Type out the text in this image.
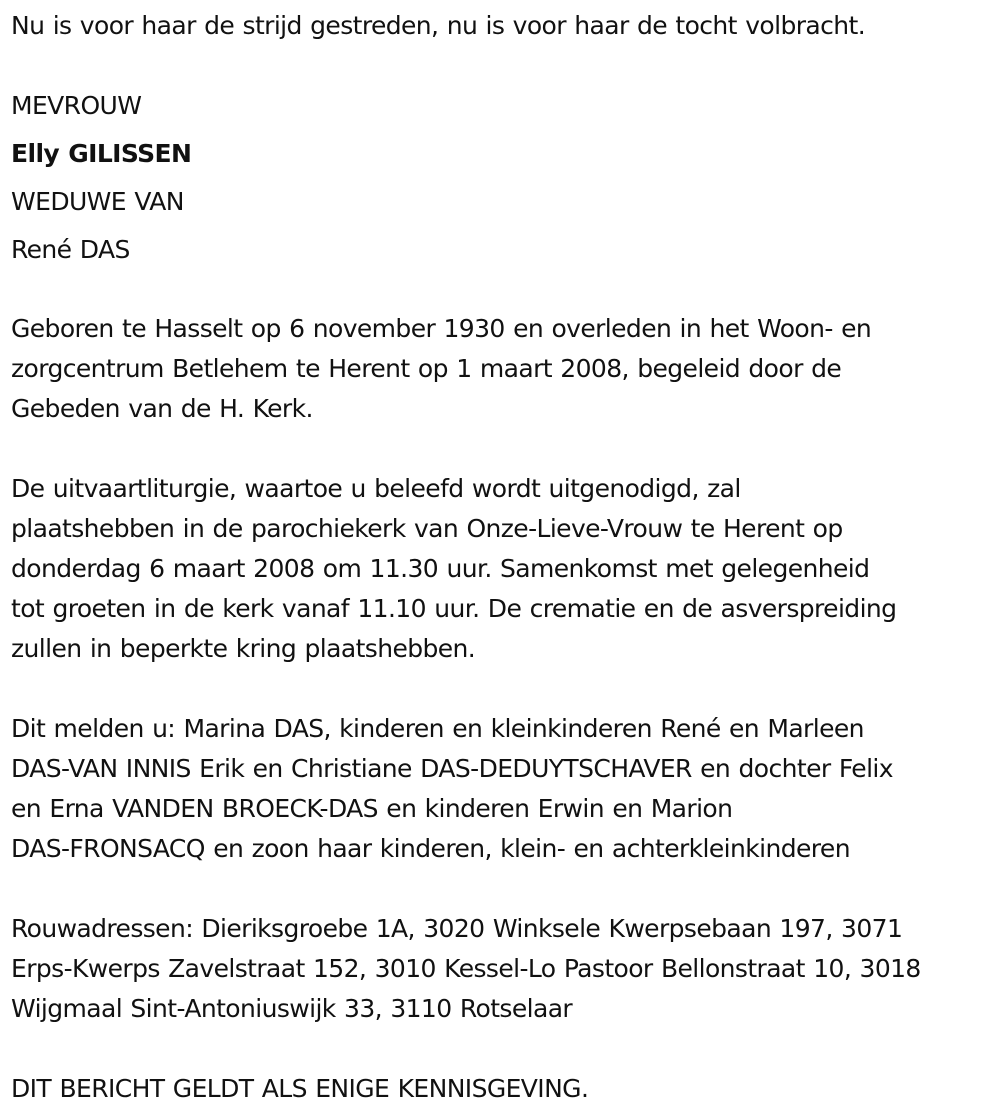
Nu is voor haar de strijd gestreden, nu is voor haar de tocht volbracht.
MEVROUW
Elly GILISSEN
WEDUWE VAN
René DAS
Geboren te Hasselt op 6 november 1930 en overleden in het Woon- en
zorgcentrum Betlehem te Herent op 1 maart 2008, begeleid door de
Gebeden van de H. Kerk.
De uitvaartliturgie, waartoe u beleefd wordt uitgenodigd, zal
plaatshebben in de parochiekerk van Onze-Lieve-Vrouw te Herent op
donderdag 6 maart 2008 om 11.30 uur. Samenkomst met gelegenheid
tot groeten in de kerk vanaf 11.10 uur. De crematie en de asverspreiding
zullen in beperkte kring plaatshebben.
Dit melden u: Marina DAS, kinderen en kleinkinderen René en Marleen
DAS-VAN INNIS Erik en Christiane DAS-DEDUYTSCHAVER en dochter Felix
en Erna VANDEN BROECK-DAS en kinderen Erwin en Marion
DAS-FRONSACQ en zoon haar kinderen, klein- en achterkleinkinderen
Rouwadressen: Dieriksgroebe 1A, 3020 Winksele Kwerpsebaan 197, 3071
Erps-Kwerps Zavelstraat 152, 3010 Kessel-Lo Pastoor Bellonstraat 10, 3018
Wijgmaal Sint-Antoniuswijk 33, 3110 Rotselaar
DIT BERICHT GELDT ALS ENIGE KENNISGEVING.
